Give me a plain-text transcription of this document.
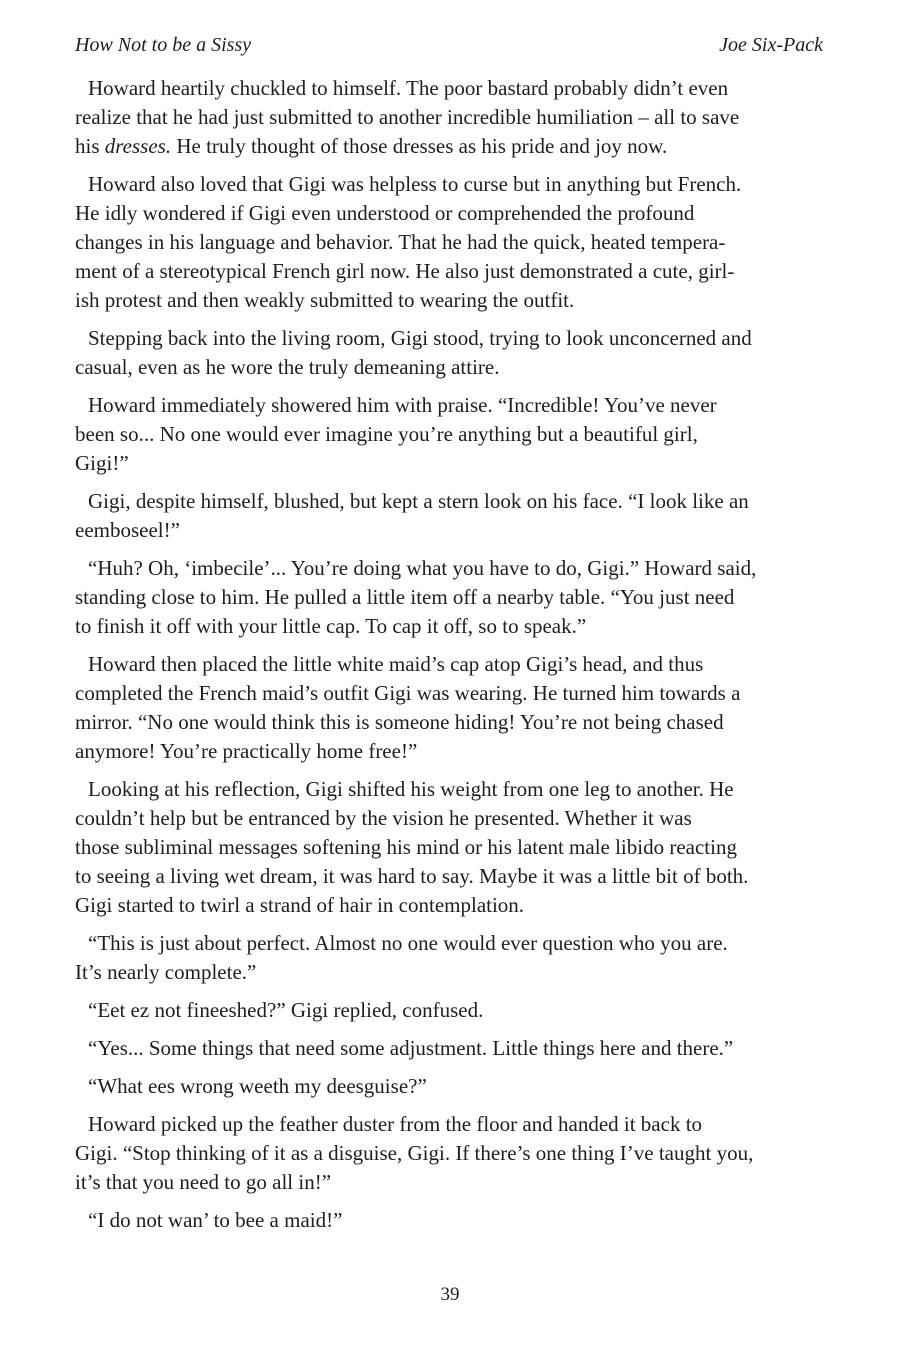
How Not to be a Sissy	Joe Six-Pack

Howard heartily chuckled to himself. The poor bastard probably didn’t even
realize that he had just submitted to another incredible humiliation – all to save
his dresses. He truly thought of those dresses as his pride and joy now.

Howard also loved that Gigi was helpless to curse but in anything but French.
He idly wondered if Gigi even understood or comprehended the profound
changes in his language and behavior. That he had the quick, heated tempera-
ment of a stereotypical French girl now. He also just demonstrated a cute, girl-
ish protest and then weakly submitted to wearing the outfit.

Stepping back into the living room, Gigi stood, trying to look unconcerned and
casual, even as he wore the truly demeaning attire.

Howard immediately showered him with praise. “Incredible! You’ve never
been so... No one would ever imagine you’re anything but a beautiful girl,
Gigi!”

Gigi, despite himself, blushed, but kept a stern look on his face. “I look like an
eemboseel!”

“Huh? Oh, ‘imbecile’... You’re doing what you have to do, Gigi.” Howard said,
standing close to him. He pulled a little item off a nearby table. “You just need
to finish it off with your little cap. To cap it off, so to speak.”

Howard then placed the little white maid’s cap atop Gigi’s head, and thus
completed the French maid’s outfit Gigi was wearing. He turned him towards a
mirror. “No one would think this is someone hiding! You’re not being chased
anymore! You’re practically home free!”

Looking at his reflection, Gigi shifted his weight from one leg to another. He
couldn’t help but be entranced by the vision he presented. Whether it was
those subliminal messages softening his mind or his latent male libido reacting
to seeing a living wet dream, it was hard to say. Maybe it was a little bit of both.
Gigi started to twirl a strand of hair in contemplation.

“This is just about perfect. Almost no one would ever question who you are.
It’s nearly complete.”

“Eet ez not fineeshed?” Gigi replied, confused.

“Yes... Some things that need some adjustment. Little things here and there.”

“What ees wrong weeth my deesguise?”

Howard picked up the feather duster from the floor and handed it back to
Gigi. “Stop thinking of it as a disguise, Gigi. If there’s one thing I’ve taught you,
it’s that you need to go all in!”

“I do not wan’ to bee a maid!”

39
